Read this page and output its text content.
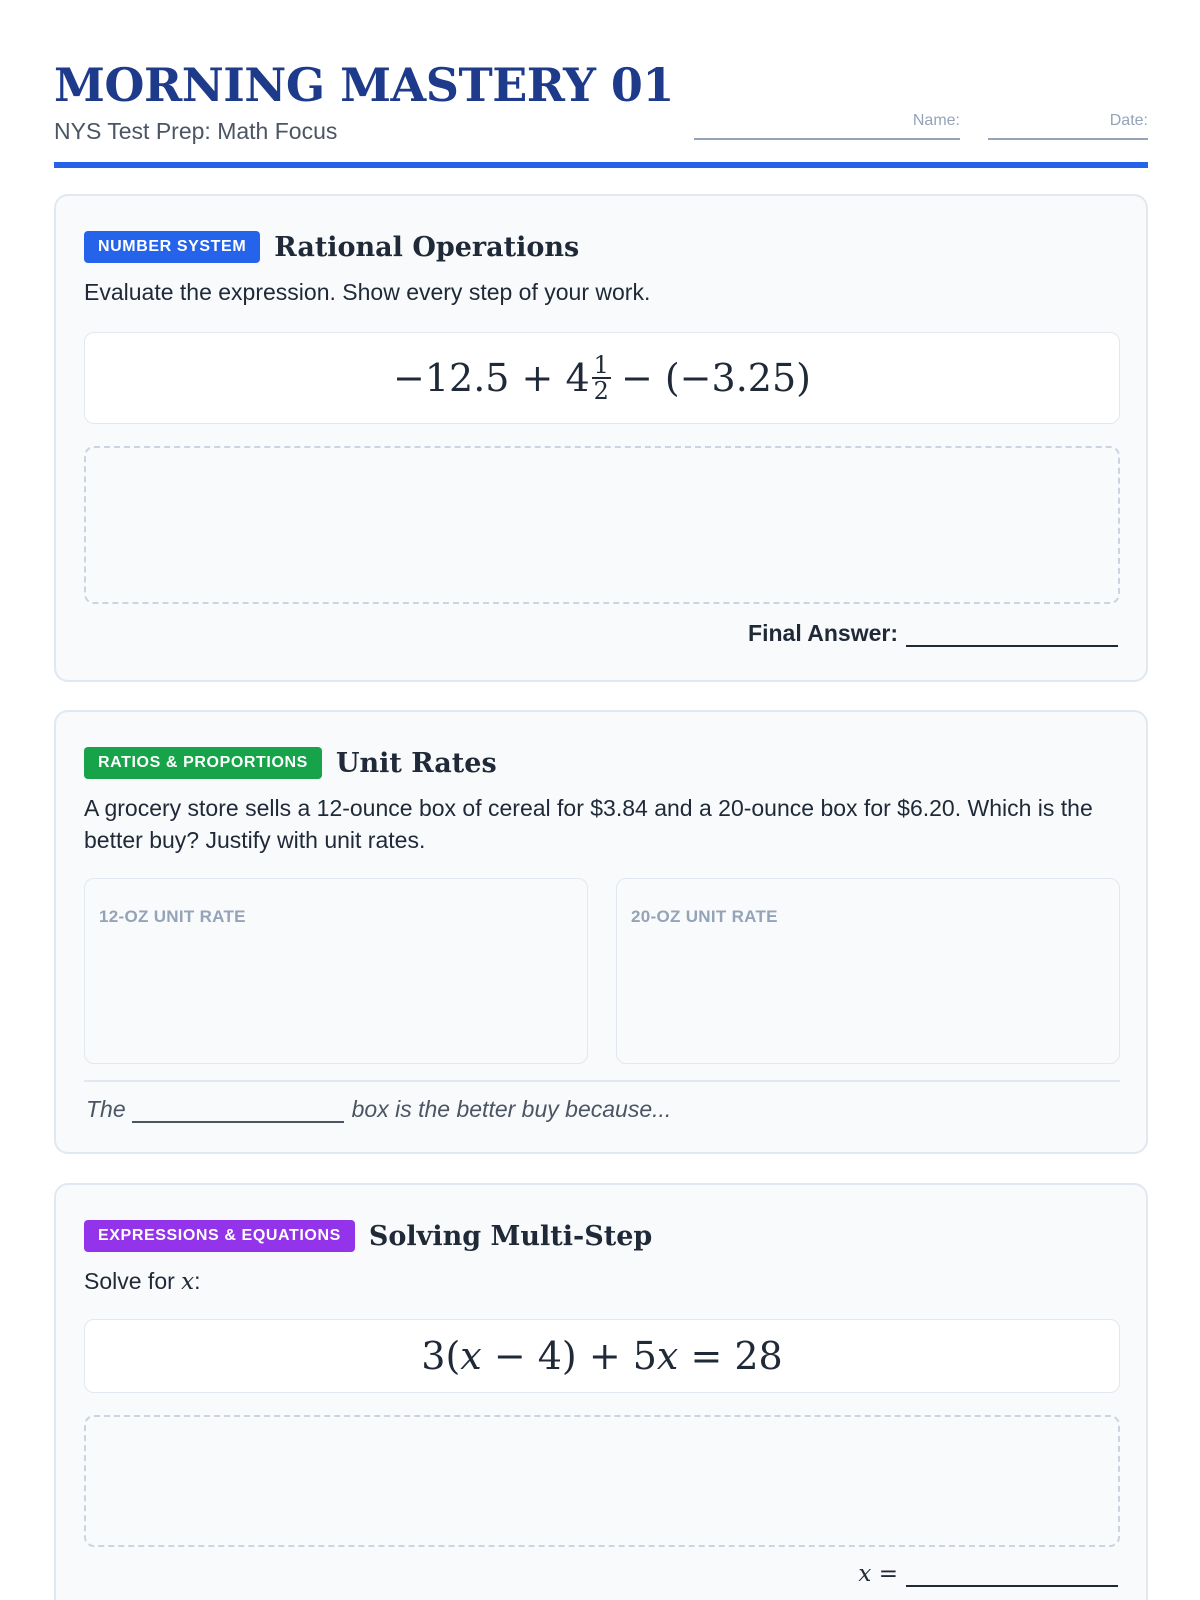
MORNING MASTERY 01
NYS Test Prep: Math Focus	Name:	Date:
NUMBER SYSTEM	Rational Operations
Evaluate the expression. Show every step of your work.
$-12.5 + 4 \frac{1}{2} - (-3.25)$
Final Answer:
RATIOS & PROPORTIONS	Unit Rates
A grocery store sells a 12-ounce box of cereal for $3.84 and a 20-ounce box for $6.20. Which is the better buy? Justify with unit rates.
12-OZ UNIT RATE	20-OZ UNIT RATE
The	box is the better buy because...
EXPRESSIONS & EQUATIONS	Solving Multi-Step
Solve for x:
3( x − 4) + 5 x = 28
x =
